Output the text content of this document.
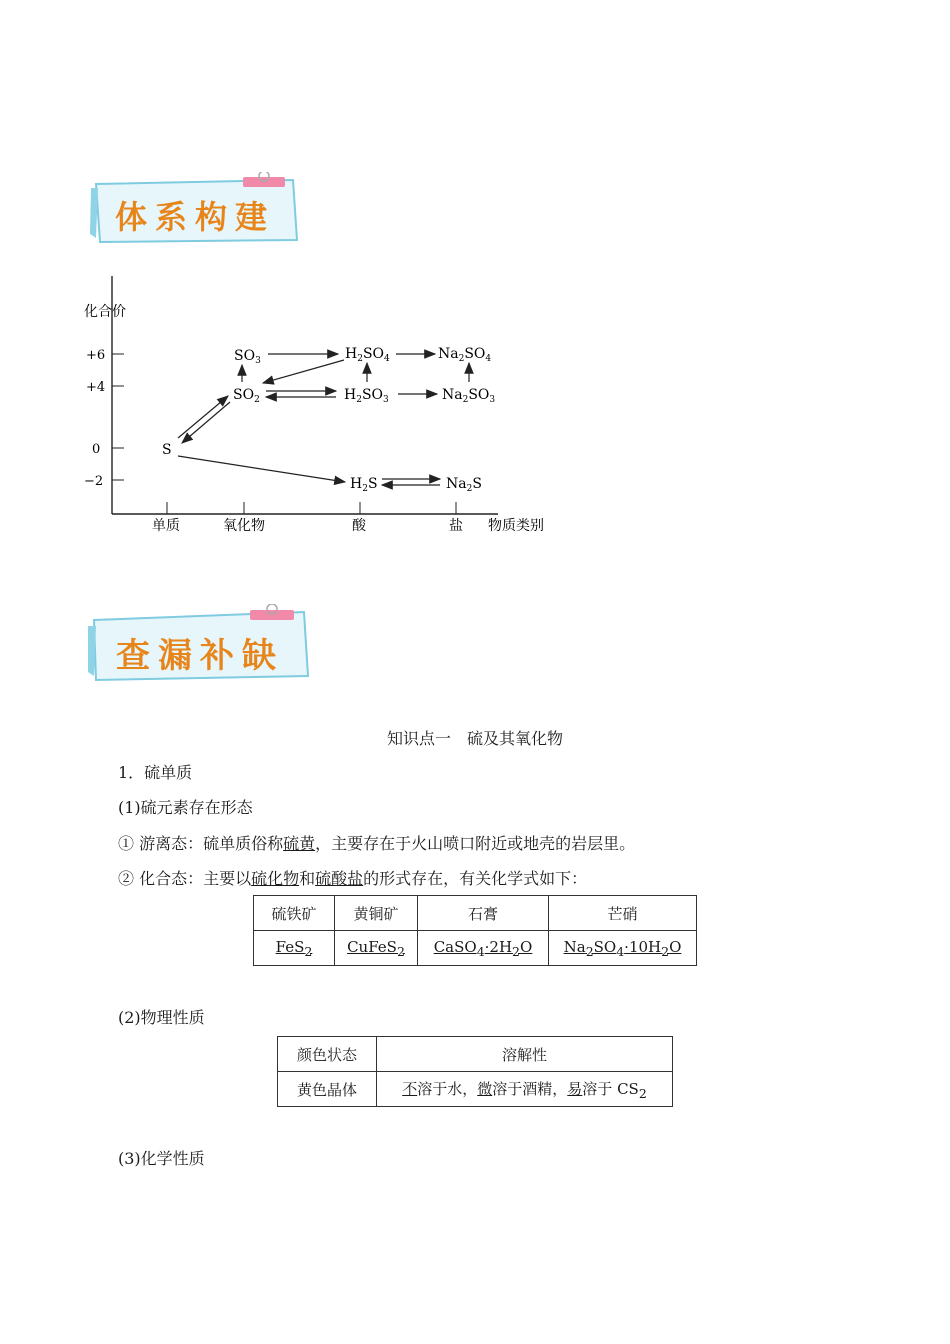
体系构建
化合价
+6
+4
0
−2
单质	氧化物	酸	盐 物质类别
$SO_3$	$H_2SO_4$	$Na_2SO_4$
$SO_2$	$H_2SO_3$	$Na_2SO_3$
S
$H_2S$	$Na_2S$
查漏补缺
知识点一　硫及其氧化物
1．硫单质
(1)硫元素存在形态
① 游离态：硫单质俗称硫黄，主要存在于火山喷口附近或地壳的岩层里。
② 化合态：主要以硫化物和硫酸盐的形式存在，有关化学式如下：
硫铁矿	黄铜矿	石膏	芒硝
FeS$_2$	CuFeS$_2$	$CaSO_4\cdot 2H_2O$	$Na_2SO_4\cdot 10H_2O$
(2)物理性质
颜色状态	溶解性
黄色晶体	不溶于水，微溶于酒精，易溶于 $CS_2$
(3)化学性质
